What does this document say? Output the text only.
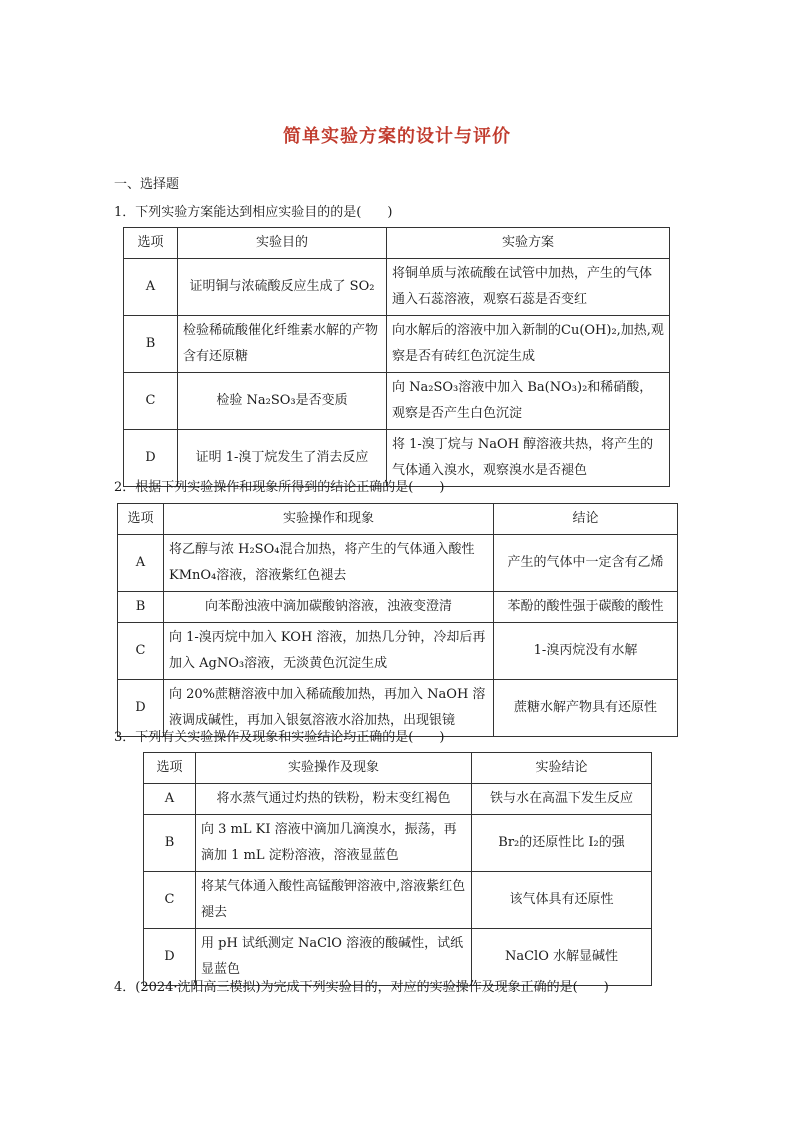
简单实验方案的设计与评价
一、选择题
1．下列实验方案能达到相应实验目的的是(　　)
选项	实验目的	实验方案
A	证明铜与浓硫酸反应生成了 SO₂	将铜单质与浓硫酸在试管中加热，产生的气体通入石蕊溶液，观察石蕊是否变红
B	检验稀硫酸催化纤维素水解的产物含有还原糖	向水解后的溶液中加入新制的Cu(OH)₂,加热,观察是否有砖红色沉淀生成
C	检验 Na₂SO₃是否变质	向 Na₂SO₃溶液中加入 Ba(NO₃)₂和稀硝酸，观察是否产生白色沉淀
D	证明 1-溴丁烷发生了消去反应	将 1-溴丁烷与 NaOH 醇溶液共热，将产生的气体通入溴水，观察溴水是否褪色
2．根据下列实验操作和现象所得到的结论正确的是(　　)
选项	实验操作和现象	结论
A	将乙醇与浓 H₂SO₄混合加热，将产生的气体通入酸性 KMnO₄溶液，溶液紫红色褪去	产生的气体中一定含有乙烯
B	向苯酚浊液中滴加碳酸钠溶液，浊液变澄清	苯酚的酸性强于碳酸的酸性
C	向 1-溴丙烷中加入 KOH 溶液，加热几分钟，冷却后再加入 AgNO₃溶液，无淡黄色沉淀生成	1-溴丙烷没有水解
D	向 20%蔗糖溶液中加入稀硫酸加热，再加入 NaOH 溶液调成碱性，再加入银氨溶液水浴加热，出现银镜	蔗糖水解产物具有还原性
3．下列有关实验操作及现象和实验结论均正确的是(　　)
选项	实验操作及现象	实验结论
A	将水蒸气通过灼热的铁粉，粉末变红褐色	铁与水在高温下发生反应
B	向 3 mL KI 溶液中滴加几滴溴水，振荡，再滴加 1 mL 淀粉溶液，溶液显蓝色	Br₂的还原性比 I₂的强
C	将某气体通入酸性高锰酸钾溶液中,溶液紫红色褪去	该气体具有还原性
D	用 pH 试纸测定 NaClO 溶液的酸碱性，试纸显蓝色	NaClO 水解显碱性
4．(2024·沈阳高三模拟)为完成下列实验目的，对应的实验操作及现象正确的是(　　)
